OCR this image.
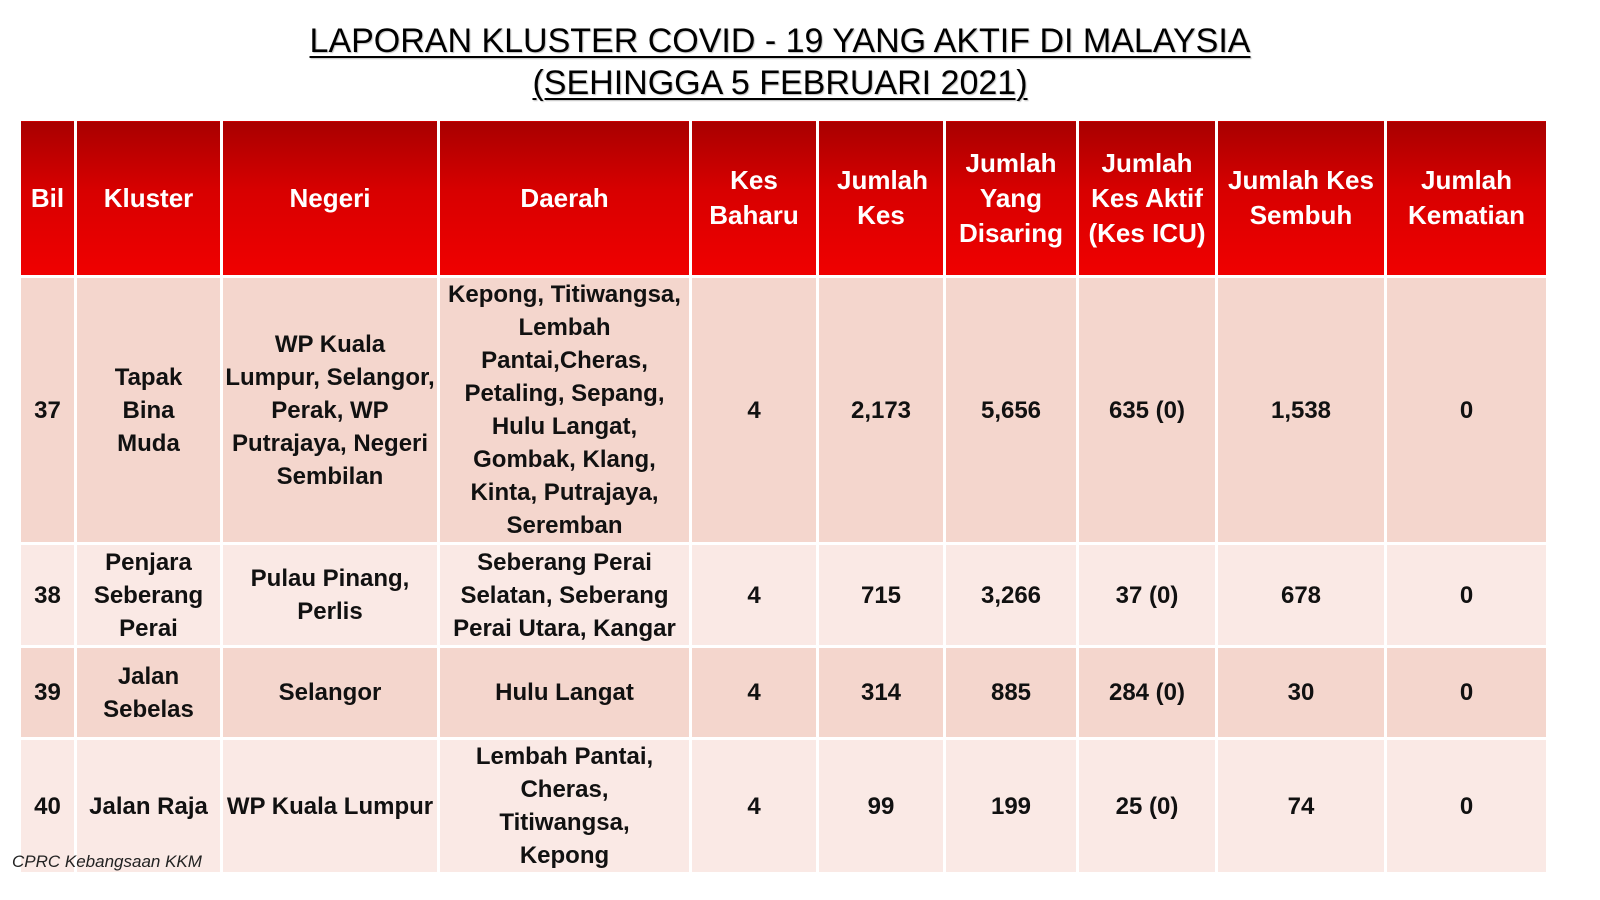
LAPORAN KLUSTER COVID - 19 YANG AKTIF DI MALAYSIA
(SEHINGGA 5 FEBRUARI 2021)
Bil	Kluster	Negeri	Daerah	Kes Baharu	Jumlah Kes	Jumlah Yang Disaring	Jumlah Kes Aktif (Kes ICU)	Jumlah Kes Sembuh	Jumlah Kematian
37	Tapak Bina Muda	WP Kuala Lumpur, Selangor, Perak, WP Putrajaya, Negeri Sembilan	Kepong, Titiwangsa, Lembah Pantai,Cheras, Petaling, Sepang, Hulu Langat, Gombak, Klang, Kinta, Putrajaya, Seremban	4	2,173	5,656	635 (0)	1,538	0
38	Penjara Seberang Perai	Pulau Pinang, Perlis	Seberang Perai Selatan, Seberang Perai Utara, Kangar	4	715	3,266	37 (0)	678	0
39	Jalan Sebelas	Selangor	Hulu Langat	4	314	885	284 (0)	30	0
40	Jalan Raja	WP Kuala Lumpur	Lembah Pantai, Cheras, Titiwangsa, Kepong	4	99	199	25 (0)	74	0
CPRC Kebangsaan KKM
